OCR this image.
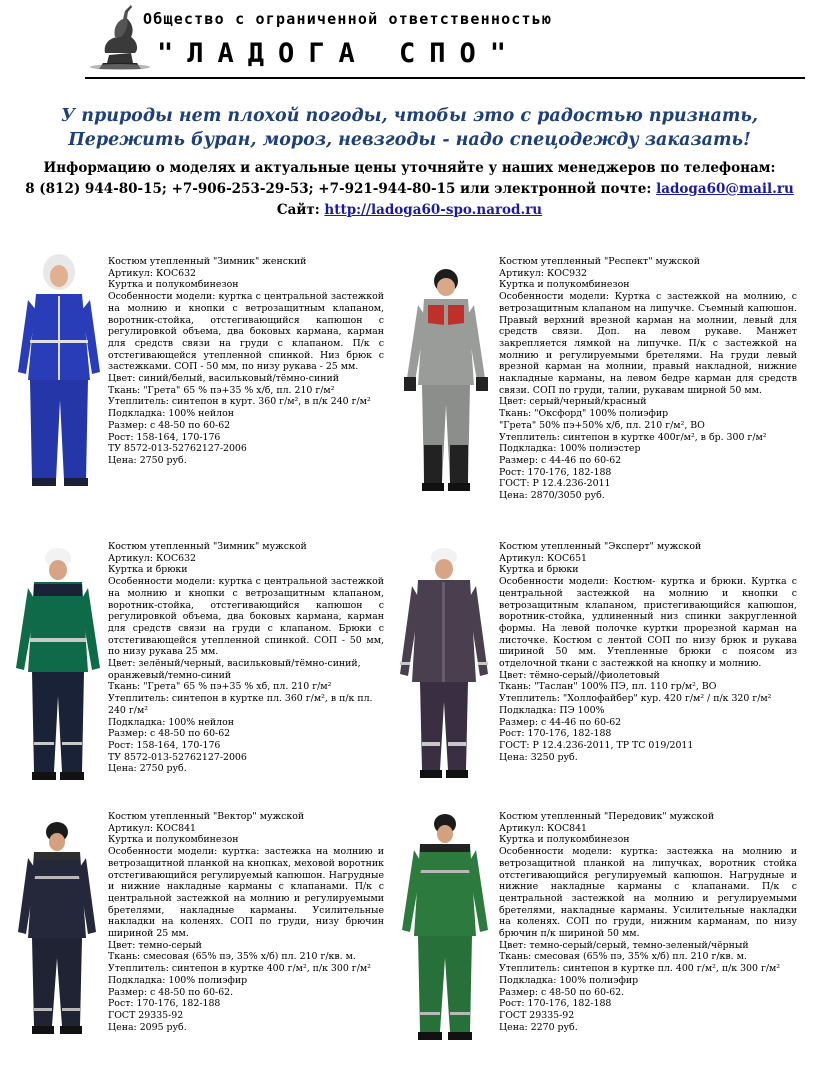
Общество с ограниченной ответственностью
"ЛАДОГА СПО"
У природы нет плохой погоды, чтобы это с радостью признать,
Пережить буран, мороз, невзгоды - надо спецодежду заказать!
Информацию о моделях и актуальные цены уточняйте у наших менеджеров по телефонам:
8 (812) 944-80-15; +7-906-253-29-53; +7-921-944-80-15 или электронной почте: ladoga60@mail.ru
Сайт: http://ladoga60-spo.narod.ru

Костюм утепленный "Зимник" женский

Артикул: КОС632

Куртка и полукомбинезон

Особенности модели: куртка с центральной застежкой на молнию и кнопки с ветрозащитным клапаном, воротник-стойка, отстегивающийся капюшон с регулировкой объема, два боковых кармана, карман для средств связи на груди с клапаном. П/к с отстегивающейся утепленной спинкой. Низ брюк с застежками. СОП - 50 мм, по низу рукава - 25 мм.

Цвет: синий/белый, васильковый/тёмно-синий

Ткань: "Грета" 65 % пэ+35 % х/б, пл. 210 г/м²

Утеплитель: синтепон в курт. 360 г/м², в п/к 240 г/м²

Подкладка: 100% нейлон

Размер: с 48-50 по 60-62

Рост: 158-164, 170-176

ТУ 8572-013-52762127-2006

Цена: 2750 руб.

Костюм утепленный "Респект" мужской

Артикул: КОС932

Куртка и полукомбинезон

Особенности модели: Куртка с застежкой на молнию, с ветрозащитным клапаном на липучке. Съемный капюшон. Правый верхний врезной карман на молнии, левый для средств связи. Доп. на левом рукаве. Манжет закрепляется лямкой на липучке. П/к с застежкой на молнию и регулируемыми бретелями. На груди левый врезной карман на молнии, правый накладной, нижние накладные карманы, на левом бедре карман для средств связи. СОП по груди, талии, рукавам ширной 50 мм.

Цвет: серый/черный/красный

Ткань: "Оксфорд" 100% полиэфир

"Грета" 50% пэ+50% х/б, пл. 210 г/м², ВО

Утеплитель: синтепон в куртке 400г/м², в бр. 300 г/м²

Подкладка: 100% полиэстер

Размер: с 44-46 по 60-62

Рост: 170-176, 182-188

ГОСТ: Р 12.4.236-2011

Цена: 2870/3050 руб.

Костюм утепленный "Зимник" мужской

Артикул: КОС632

Куртка и брюки

Особенности модели: куртка с центральной застежкой на молнию и кнопки с ветрозащитным клапаном, воротник-стойка, отстегивающийся капюшон с регулировкой объема, два боковых кармана, карман для средств связи на груди с клапаном. Брюки с отстегивающейся утепленной спинкой. СОП - 50 мм, по низу рукава 25 мм.

Цвет: зелёный/черный, васильковый/тёмно-синий, оранжевый/темно-синий

Ткань: "Грета" 65 % пэ+35 % хб, пл. 210 г/м²

Утеплитель: синтепон в куртке пл. 360 г/м², в п/к пл. 240 г/м²

Подкладка: 100% нейлон

Размер: с 48-50 по 60-62

Рост: 158-164, 170-176

ТУ 8572-013-52762127-2006

Цена: 2750 руб.

Костюм утепленный "Эксперт" мужской

Артикул: КОС651

Куртка и брюки

Особенности модели: Костюм- куртка и брюки. Куртка с центральной застежкой на молнию и кнопки с ветрозащитным клапаном, пристегивающийся капюшон, воротник-стойка, удлиненный низ спинки закругленной формы. На левой полочке куртки прорезной карман на листочке. Костюм с лентой СОП по низу брюк и рукава шириной 50 мм. Утепленные брюки с поясом из отделочной ткани с застежкой на кнопку и молнию.

Цвет: тёмно-серый//фиолетовый

Ткань: "Таслан" 100% ПЭ, пл. 110 гр/м², ВО

Утеплитель: "Холлофайбер" кур. 420 г/м² / п/к 320 г/м²

Подкладка: ПЭ 100%

Размер: с 44-46 по 60-62

Рост: 170-176, 182-188

ГОСТ: Р 12.4.236-2011, ТР ТС 019/2011

Цена: 3250 руб.

Костюм утепленный "Вектор" мужской

Артикул: КОС841

Куртка и полукомбинезон

Особенности модели: куртка: застежка на молнию и ветрозащитной планкой на кнопках, меховой воротник отстегивающийся регулируемый капюшон. Нагрудные и нижние накладные карманы с клапанами. П/к с центральной застежкой на молнию и регулируемыми бретелями, накладные карманы. Усилительные накладки на коленях. СОП по груди, низу брючин шириной 25 мм.

Цвет: темно-серый

Ткань: смесовая (65% пэ, 35% х/б) пл. 210 г/кв. м.

Утеплитель: синтепон в куртке 400 г/м², п/к 300 г/м²

Подкладка: 100% полиэфир

Размер: с 48-50 по 60-62.

Рост: 170-176, 182-188

ГОСТ 29335-92

Цена: 2095 руб.

Костюм утепленный "Передовик" мужской

Артикул: КОС841

Куртка и полукомбинезон

Особенности модели: куртка: застежка на молнию и ветрозащитной планкой на липучках, воротник стойка отстегивающийся регулируемый капюшон. Нагрудные и нижние накладные карманы с клапанами. П/к с центральной застежкой на молнию и регулируемыми бретелями, накладные карманы. Усилительные накладки на коленях. СОП по груди, нижним карманам, по низу брючин п/к шириной 50 мм.

Цвет: темно-серый/серый, темно-зеленый/чёрный

Ткань: смесовая (65% пэ, 35% х/б) пл. 210 г/кв. м.

Утеплитель: синтепон в куртке пл. 400 г/м², п/к 300 г/м²

Подкладка: 100% полиэфир

Размер: с 48-50 по 60-62.

Рост: 170-176, 182-188

ГОСТ 29335-92

Цена: 2270 руб.
